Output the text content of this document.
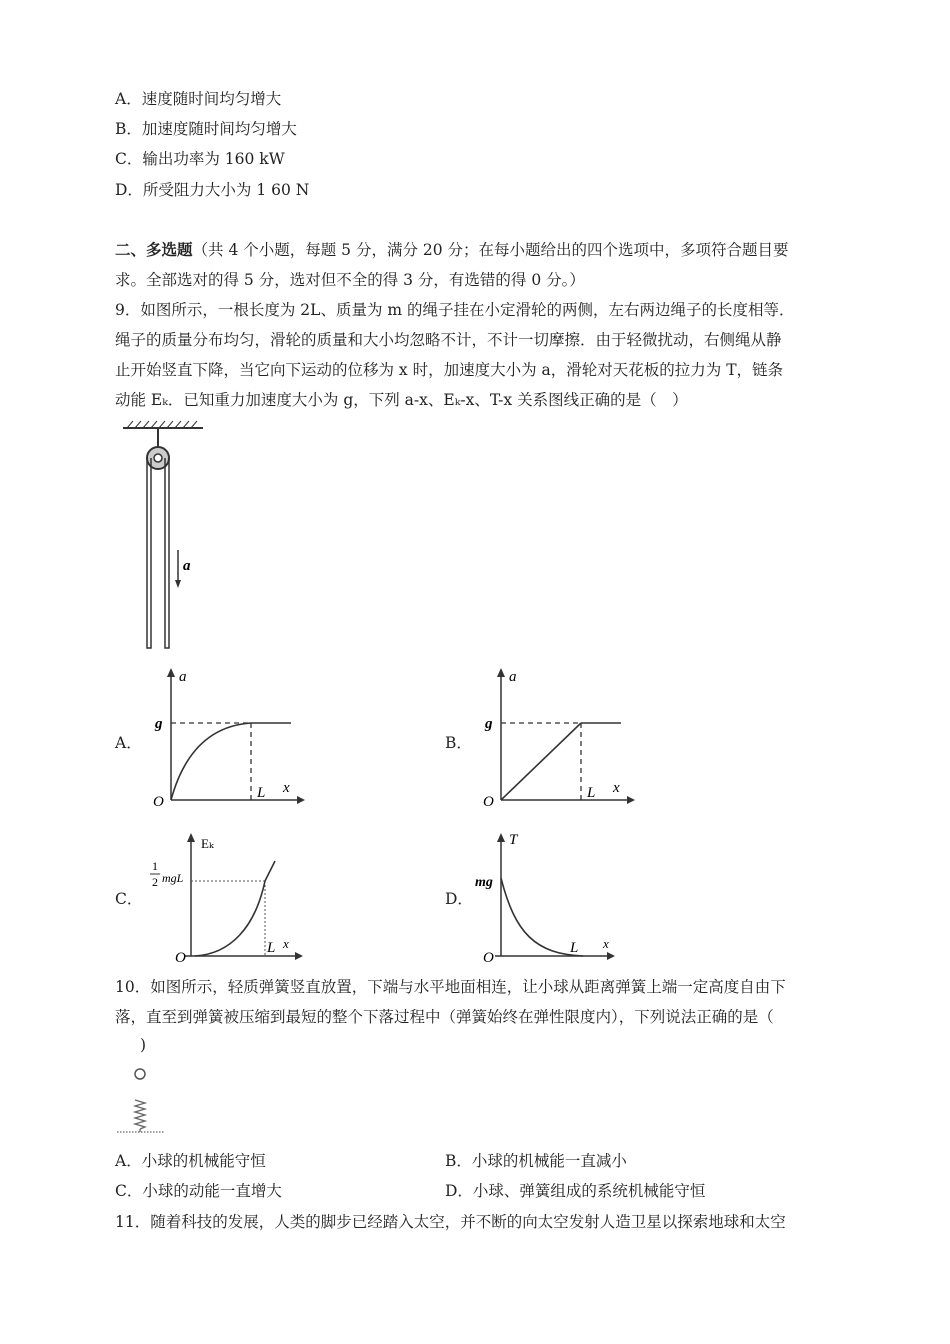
A．速度随时间均匀增大
B．加速度随时间均匀增大
C．输出功率为 160 kW
D．所受阻力大小为 1 60 N
二、多选题 （共 4 个小题，每题 5 分，满分 20 分；在每小题给出的四个选项中，多项符合题目要
求。全部选对的得 5 分，选对但不全的得 3 分，有选错的得 0 分。）
9．如图所示，一根长度为 2L、质量为 m 的绳子挂在小定滑轮的两侧，左右两边绳子的长度相等．
绳子的质量分布均匀，滑轮的质量和大小均忽略不计，不计一切摩擦．由于轻微扰动，右侧绳从静
止开始竖直下降，当它向下运动的位移为 x 时，加速度大小为 a，滑轮对天花板的拉力为 T，链条
动能 Eₖ．已知重力加速度大小为 g，下列 a-x、Eₖ-x、T-x 关系图线正确的是（　）
a
A．	B．
C．	D．
a
g
O
L x
a
g
O
L x
Eₖ
1
2 mgL
O
L x
T
mg
O
L x
10．如图所示，轻质弹簧竖直放置，下端与水平地面相连，让小球从距离弹簧上端一定高度自由下
落，直至到弹簧被压缩到最短的整个下落过程中（弹簧始终在弹性限度内），下列说法正确的是（
)
A．小球的机械能守恒	B．小球的机械能一直减小
C．小球的动能一直增大	D．小球、弹簧组成的系统机械能守恒
11．随着科技的发展，人类的脚步已经踏入太空，并不断的向太空发射人造卫星以探索地球和太空
